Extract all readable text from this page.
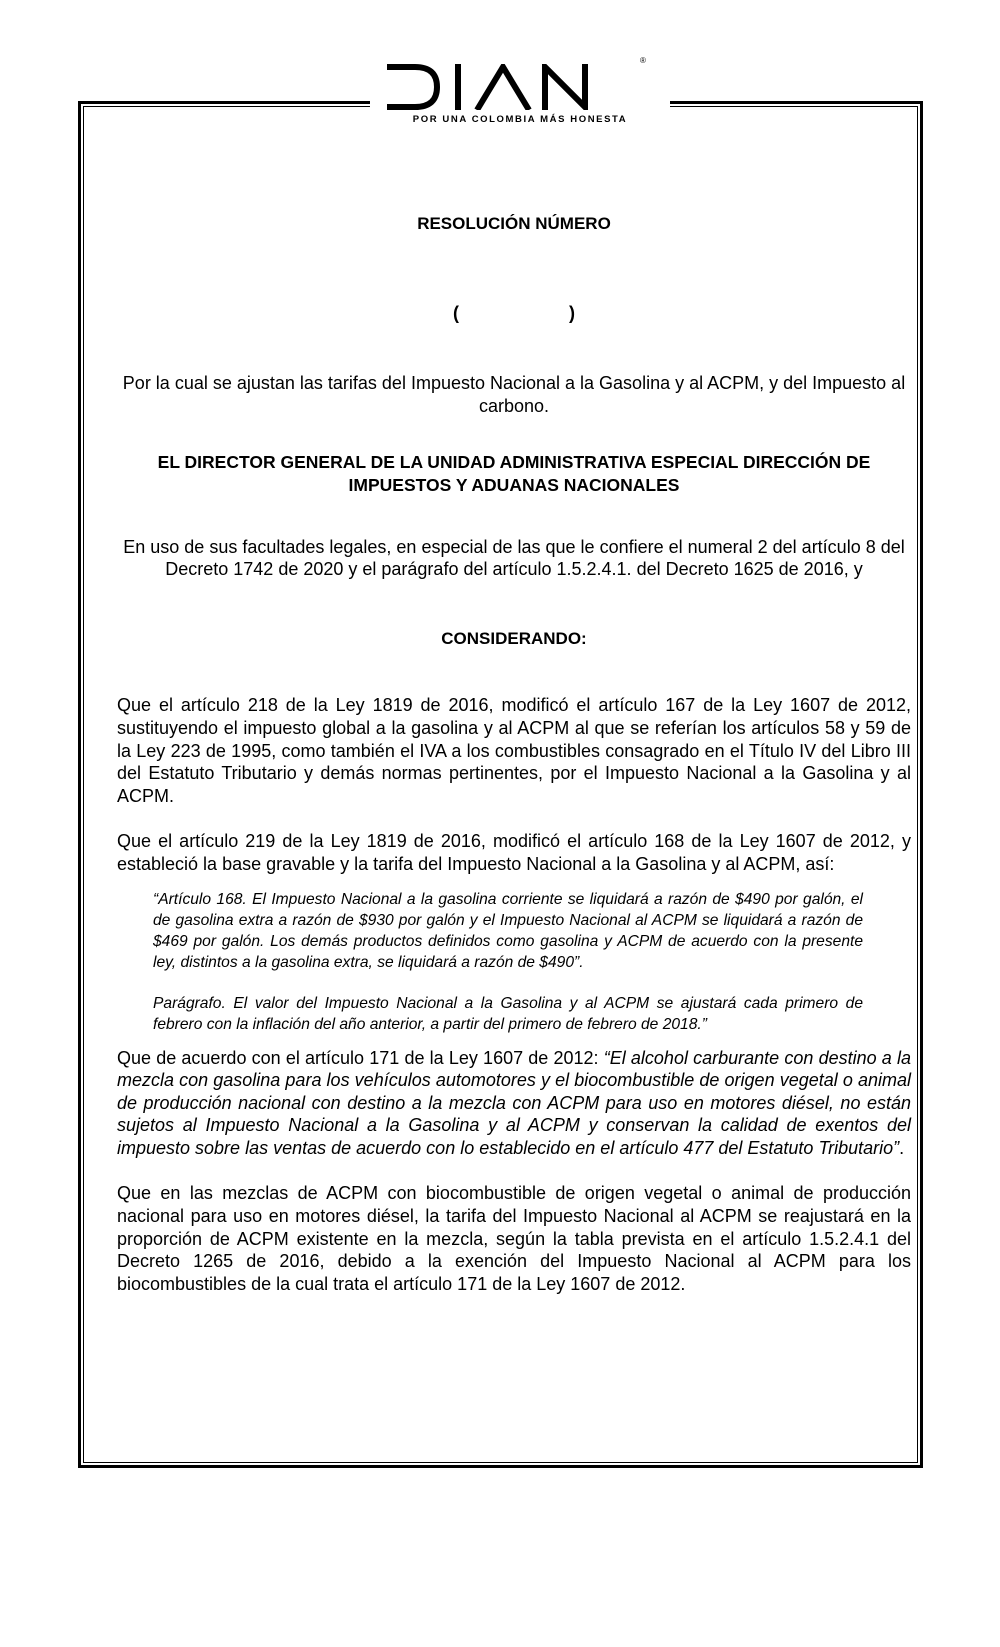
®
POR UNA COLOMBIA MÁS HONESTA

RESOLUCIÓN NÚMERO

(	)

Por la cual se ajustan las tarifas del Impuesto Nacional a la Gasolina y al ACPM, y del Impuesto al carbono.

EL DIRECTOR GENERAL DE LA UNIDAD ADMINISTRATIVA ESPECIAL DIRECCIÓN DE IMPUESTOS Y ADUANAS NACIONALES

En uso de sus facultades legales, en especial de las que le confiere el numeral 2 del artículo 8 del Decreto 1742 de 2020 y el parágrafo del artículo 1.5.2.4.1. del Decreto 1625 de 2016, y

CONSIDERANDO:

Que el artículo 218 de la Ley 1819 de 2016, modificó el artículo 167 de la Ley 1607 de 2012, sustituyendo el impuesto global a la gasolina y al ACPM al que se referían los artículos 58 y 59 de la Ley 223 de 1995, como también el IVA a los combustibles consagrado en el Título IV del Libro III del Estatuto Tributario y demás normas pertinentes, por el Impuesto Nacional a la Gasolina y al ACPM.

Que el artículo 219 de la Ley 1819 de 2016, modificó el artículo 168 de la Ley 1607 de 2012, y estableció la base gravable y la tarifa del Impuesto Nacional a la Gasolina y al ACPM, así:

“Artículo 168. El Impuesto Nacional a la gasolina corriente se liquidará a razón de $490 por galón, el de gasolina extra a razón de $930 por galón y el Impuesto Nacional al ACPM se liquidará a razón de $469 por galón. Los demás productos definidos como gasolina y ACPM de acuerdo con la presente ley, distintos a la gasolina extra, se liquidará a razón de $490”.

Parágrafo. El valor del Impuesto Nacional a la Gasolina y al ACPM se ajustará cada primero de febrero con la inflación del año anterior, a partir del primero de febrero de 2018.”

Que de acuerdo con el artículo 171 de la Ley 1607 de 2012: “El alcohol carburante con destino a la mezcla con gasolina para los vehículos automotores y el biocombustible de origen vegetal o animal de producción nacional con destino a la mezcla con ACPM para uso en motores diésel, no están sujetos al Impuesto Nacional a la Gasolina y al ACPM y conservan la calidad de exentos del impuesto sobre las ventas de acuerdo con lo establecido en el artículo 477 del Estatuto Tributario”.

Que en las mezclas de ACPM con biocombustible de origen vegetal o animal de producción nacional para uso en motores diésel, la tarifa del Impuesto Nacional al ACPM se reajustará en la proporción de ACPM existente en la mezcla, según la tabla prevista en el artículo 1.5.2.4.1 del Decreto 1265 de 2016, debido a la exención del Impuesto Nacional al ACPM para los biocombustibles de la cual trata el artículo 171 de la Ley 1607 de 2012.
